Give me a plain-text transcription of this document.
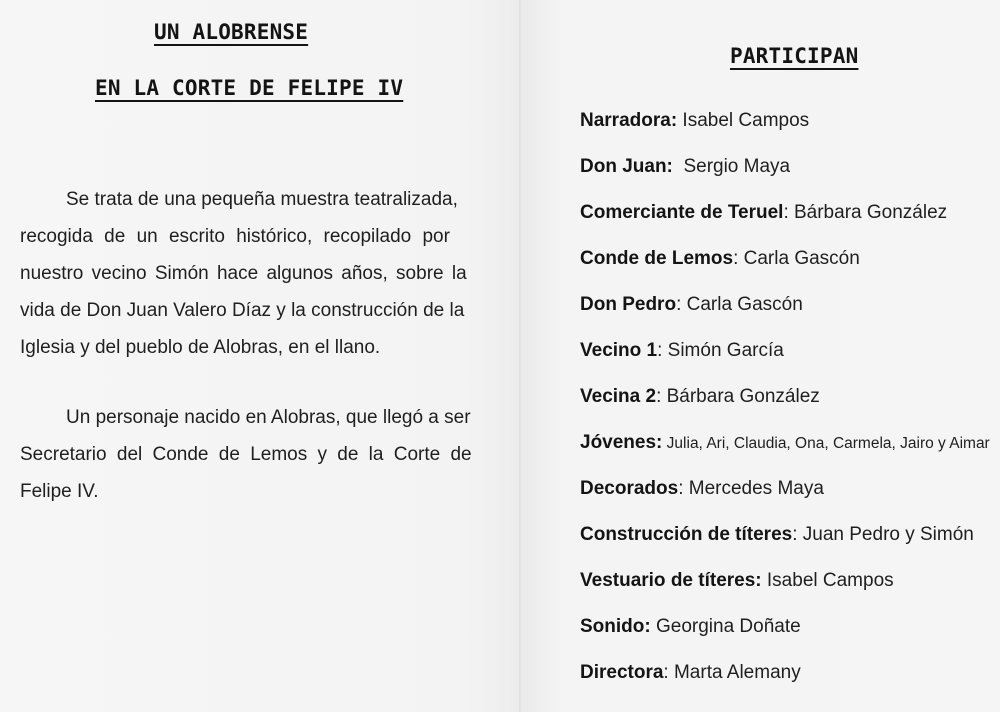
UN ALOBRENSE
EN LA CORTE DE FELIPE IV
Se trata de una pequeña muestra teatralizada,
recogida de un escrito histórico, recopilado por
nuestro vecino Simón hace algunos años, sobre la
vida de Don Juan Valero Díaz y la construcción de la
Iglesia y del pueblo de Alobras, en el llano.
Un personaje nacido en Alobras, que llegó a ser
Secretario del Conde de Lemos y de la Corte de
Felipe IV.
PARTICIPAN
Narradora: Isabel Campos
Don Juan:  Sergio Maya
Comerciante de Teruel: Bárbara González
Conde de Lemos: Carla Gascón
Don Pedro: Carla Gascón
Vecino 1: Simón García
Vecina 2: Bárbara González
Jóvenes: Julia, Ari, Claudia, Ona, Carmela, Jairo y Aimar
Decorados: Mercedes Maya
Construcción de títeres: Juan Pedro y Simón
Vestuario de títeres: Isabel Campos
Sonido: Georgina Doñate
Directora: Marta Alemany
